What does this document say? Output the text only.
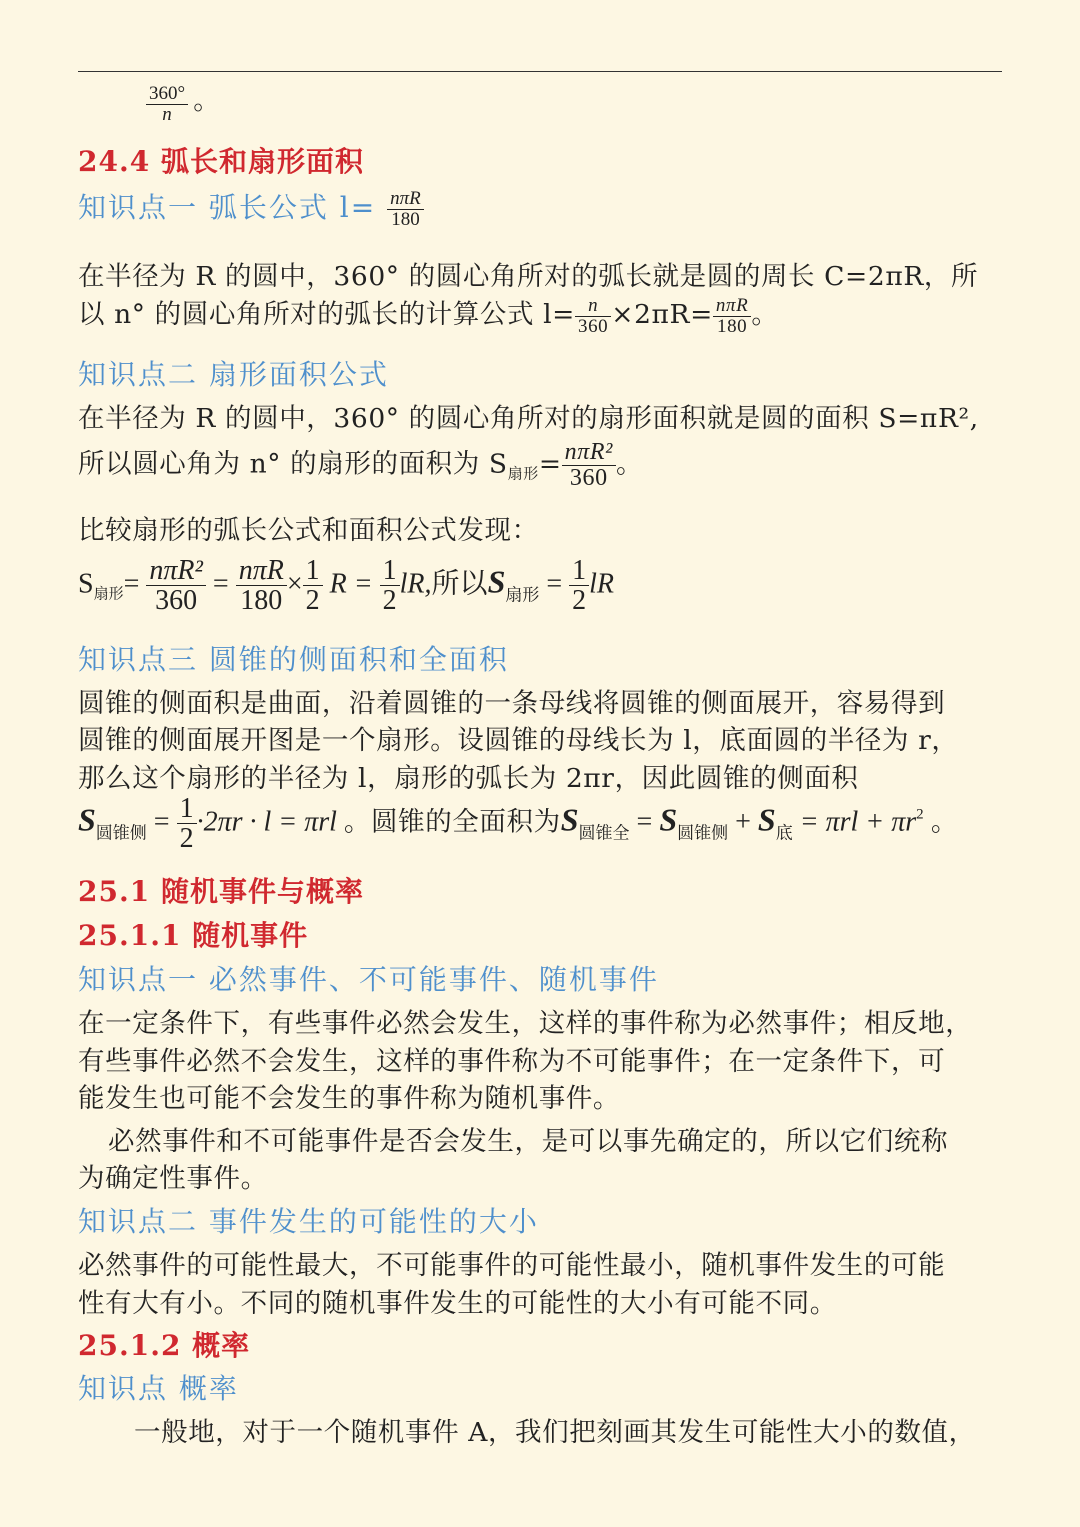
$\frac{360^\circ}{n}$ 。
24.4 弧长和扇形面积
知识点一 弧长公式 $l= \frac{\text{nπR}}{180}$
在半径为 R 的圆中，360° 的圆心角所对的弧长就是圆的周长 C=2πR，所
以 n° 的圆心角所对的弧长的计算公式 $l= \frac{n}{360} \times 2\pi R= \frac{\text{nπR}}{180}$ 。
知识点二 扇形面积公式
在半径为 R 的圆中，360° 的圆心角所对的扇形面积就是圆的面积 S=πR²,
所以圆心角为 n° 的扇形的面积为 $S_{扇形}= \frac{\text{nπR²}}{360}$ 。
比较扇形的弧长公式和面积公式发现：
$S_{扇形}= \frac{\text{nπR²}}{360} = \frac{\text{nπR}}{180} \times \frac{1}{2}$ $R = \frac{1}{2}$ lR,所以$S_{扇形} = \frac{1}{2}$ lR
知识点三 圆锥的侧面积和全面积
圆锥的侧面积是曲面，沿着圆锥的一条母线将圆锥的侧面展开，容易得到
圆锥的侧面展开图是一个扇形。设圆锥的母线长为 l，底面圆的半径为 r，
那么这个扇形的半径为 l，扇形的弧长为 2πr，因此圆锥的侧面积
$S_{圆锥侧} = \frac{1}{2} \cdot 2\pi r \cdot l = \pi rl$ 。圆锥的全面积为$S_{圆锥全} = S_{圆锥侧} + S_底 = \pi rl + \pi r^2$ 。
25.1 随机事件与概率
25.1.1 随机事件
知识点一 必然事件、不可能事件、随机事件
在一定条件下，有些事件必然会发生，这样的事件称为必然事件；相反地，
有些事件必然不会发生，这样的事件称为不可能事件；在一定条件下，可
能发生也可能不会发生的事件称为随机事件。
必然事件和不可能事件是否会发生，是可以事先确定的，所以它们统称
为确定性事件。
知识点二 事件发生的可能性的大小
必然事件的可能性最大，不可能事件的可能性最小，随机事件发生的可能
性有大有小。不同的随机事件发生的可能性的大小有可能不同。
25.1.2 概率
知识点 概率
一般地，对于一个随机事件 A，我们把刻画其发生可能性大小的数值，
